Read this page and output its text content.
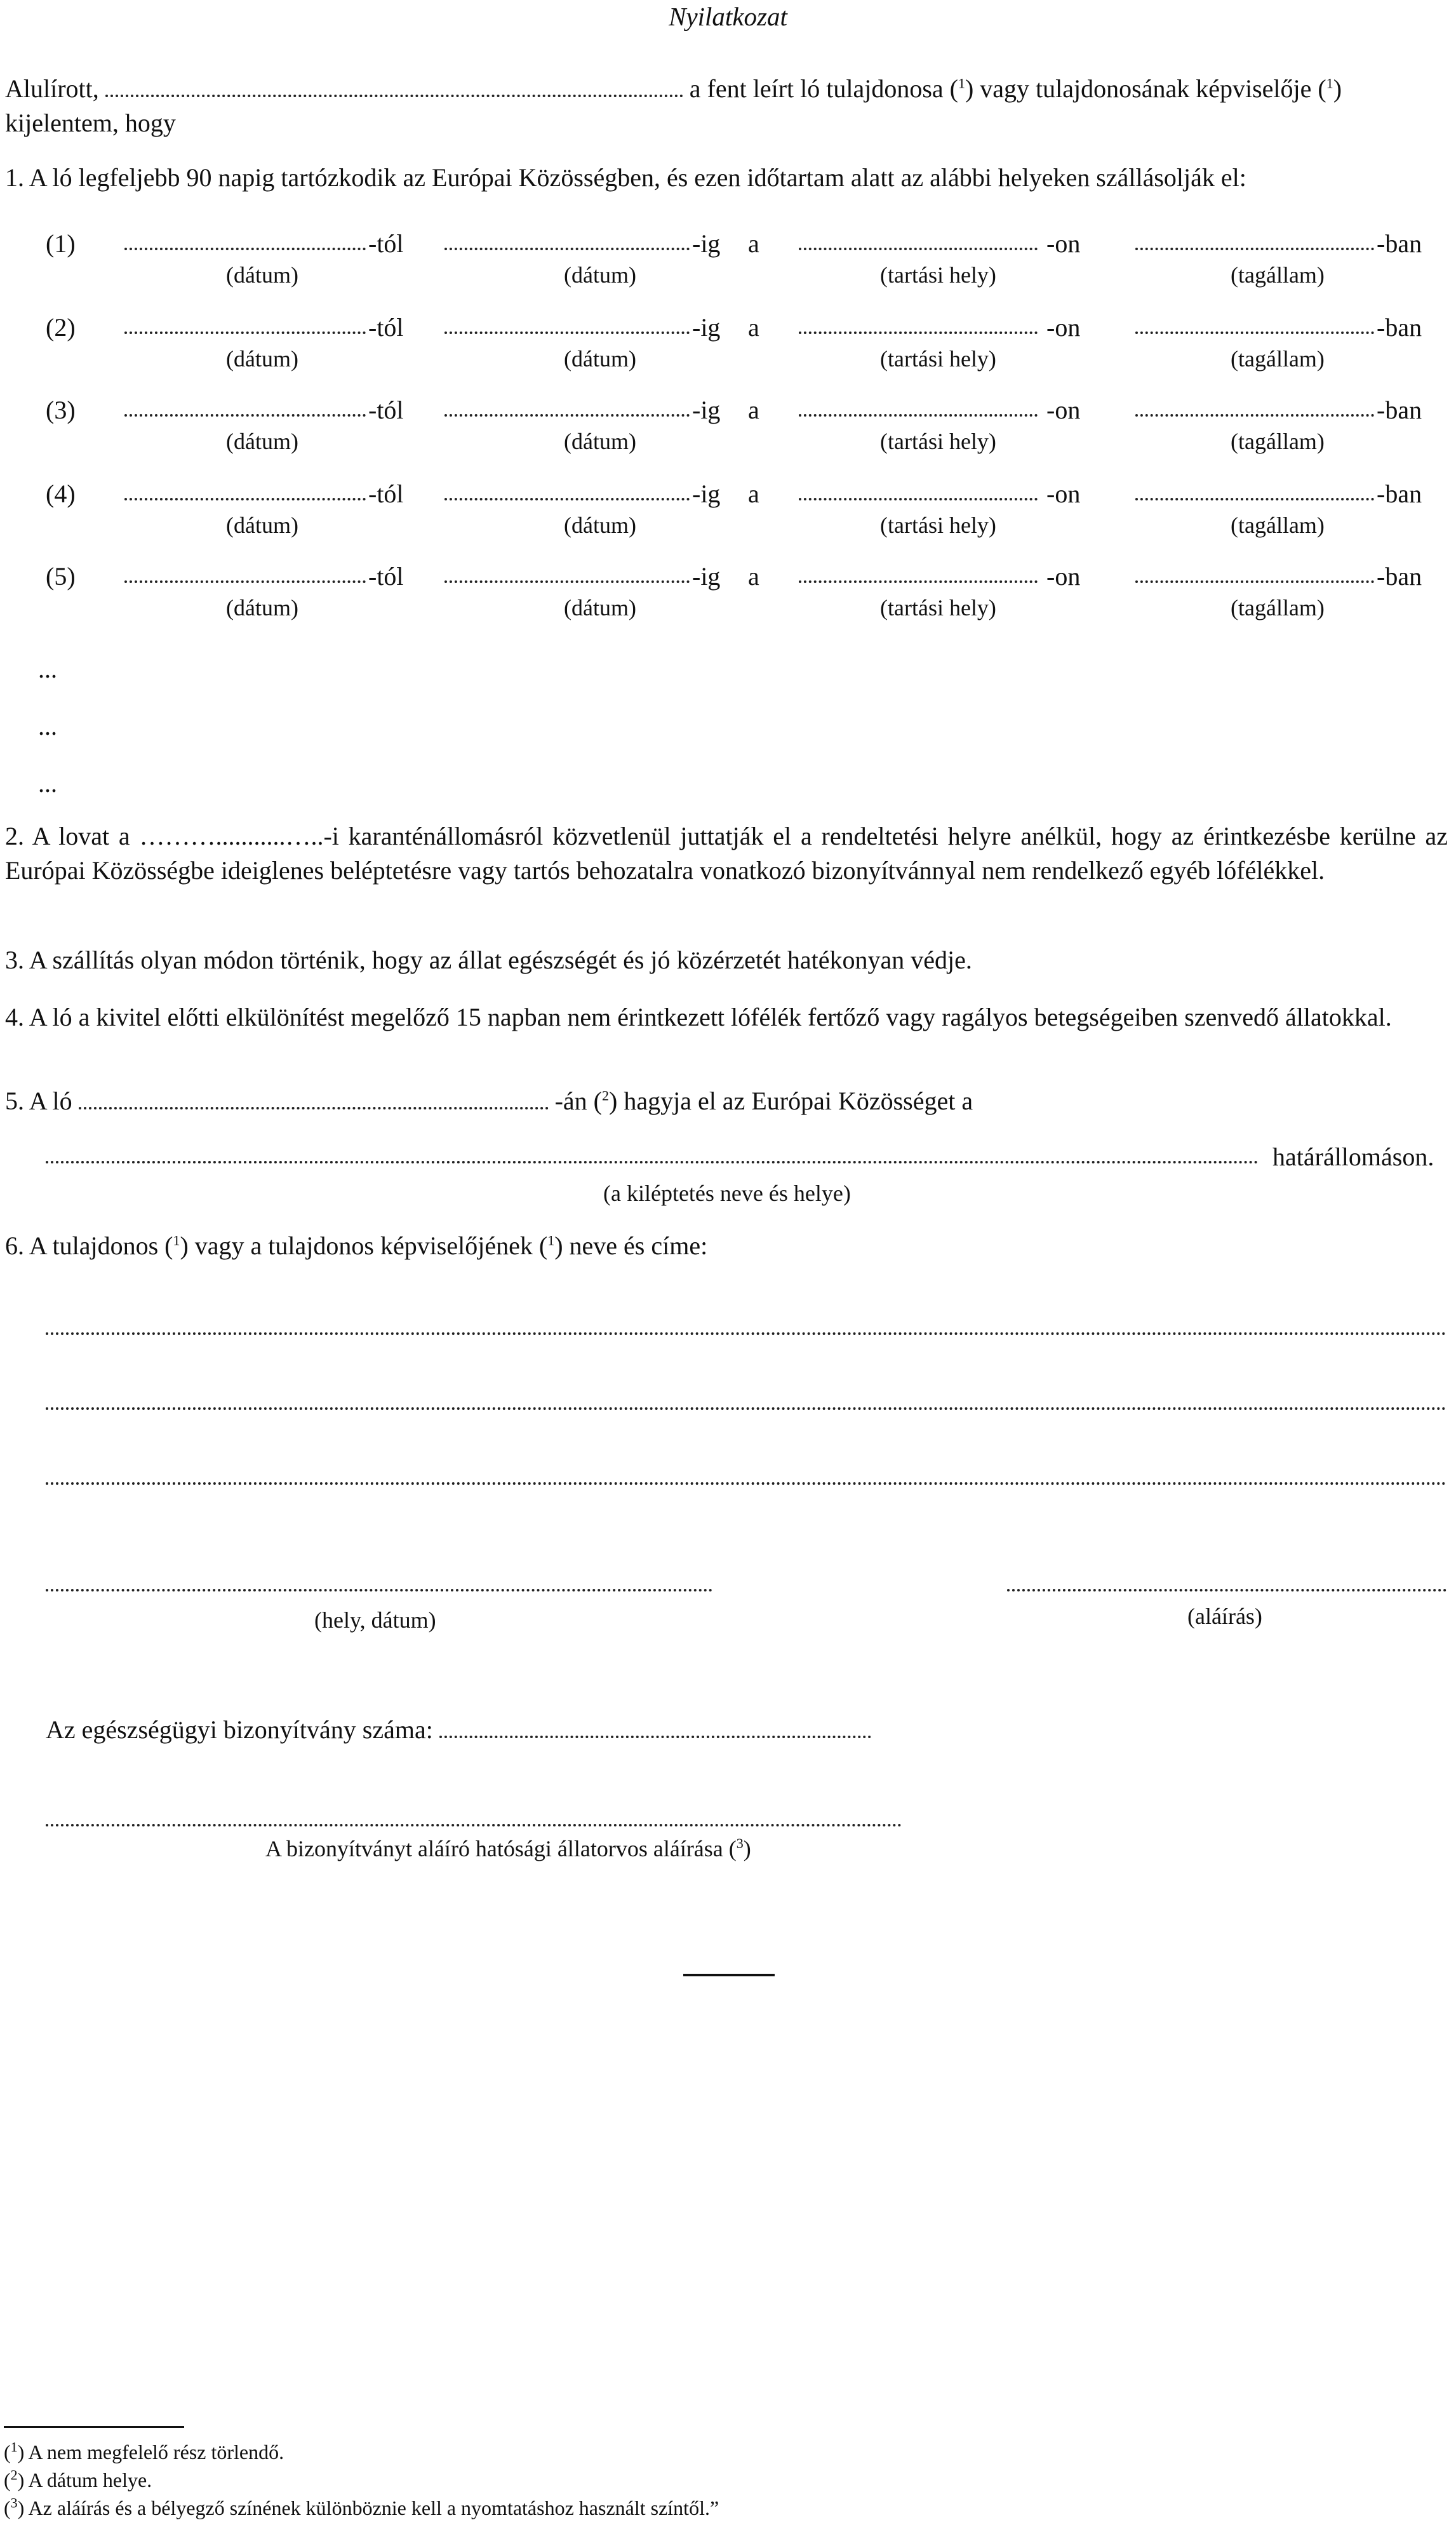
Nyilatkozat
Alulírott,	a fent leírt ló tulajdonosa ($^1$) vagy tulajdonosának képviselője ($^1$)
kijelentem, hogy
1. A ló legfeljebb 90 napig tartózkodik az Európai Közösségben, és ezen időtartam alatt az alábbi helyeken szállásolják el:
(1)	-tól	-ig a	-on	-ban
(dátum)	(dátum)	(tartási hely)	(tagállam)
(2)	-tól	-ig a	-on	-ban
(dátum)	(dátum)	(tartási hely)	(tagállam)
(3)	-tól	-ig a	-on	-ban
(dátum)	(dátum)	(tartási hely)	(tagállam)
(4)	-tól	-ig a	-on	-ban
(dátum)	(dátum)	(tartási hely)	(tagállam)
(5)	-tól	-ig a	-on	-ban
(dátum)	(dátum)	(tartási hely)	(tagállam)
...
...
...
2. A lovat a ………...........…..-i karanténállomásról közvetlenül juttatják el a rendeltetési helyre anélkül, hogy az érintkezésbe kerülne az Európai Közösségbe ideiglenes beléptetésre vagy tartós behozatalra vonatkozó bizonyítvánnyal nem rendelkező egyéb lófélékkel.
3. A szállítás olyan módon történik, hogy az állat egészségét és jó közérzetét hatékonyan védje.
4. A ló a kivitel előtti elkülönítést megelőző 15 napban nem érintkezett lófélék fertőző vagy ragályos betegségeiben szenvedő állatokkal.
5. A ló	-án ($^2$) hagyja el az Európai Közösséget a
határállomáson.
(a kiléptetés neve és helye)
6. A tulajdonos ($^1$) vagy a tulajdonos képviselőjének ($^1$) neve és címe:
(hely, dátum)	(aláírás)
Az egészségügyi bizonyítvány száma:
A bizonyítványt aláíró hatósági állatorvos aláírása ($^3$)
($^1$) A nem megfelelő rész törlendő.
($^2$) A dátum helye.
($^3$) Az aláírás és a bélyegző színének különböznie kell a nyomtatáshoz használt színtől.”
